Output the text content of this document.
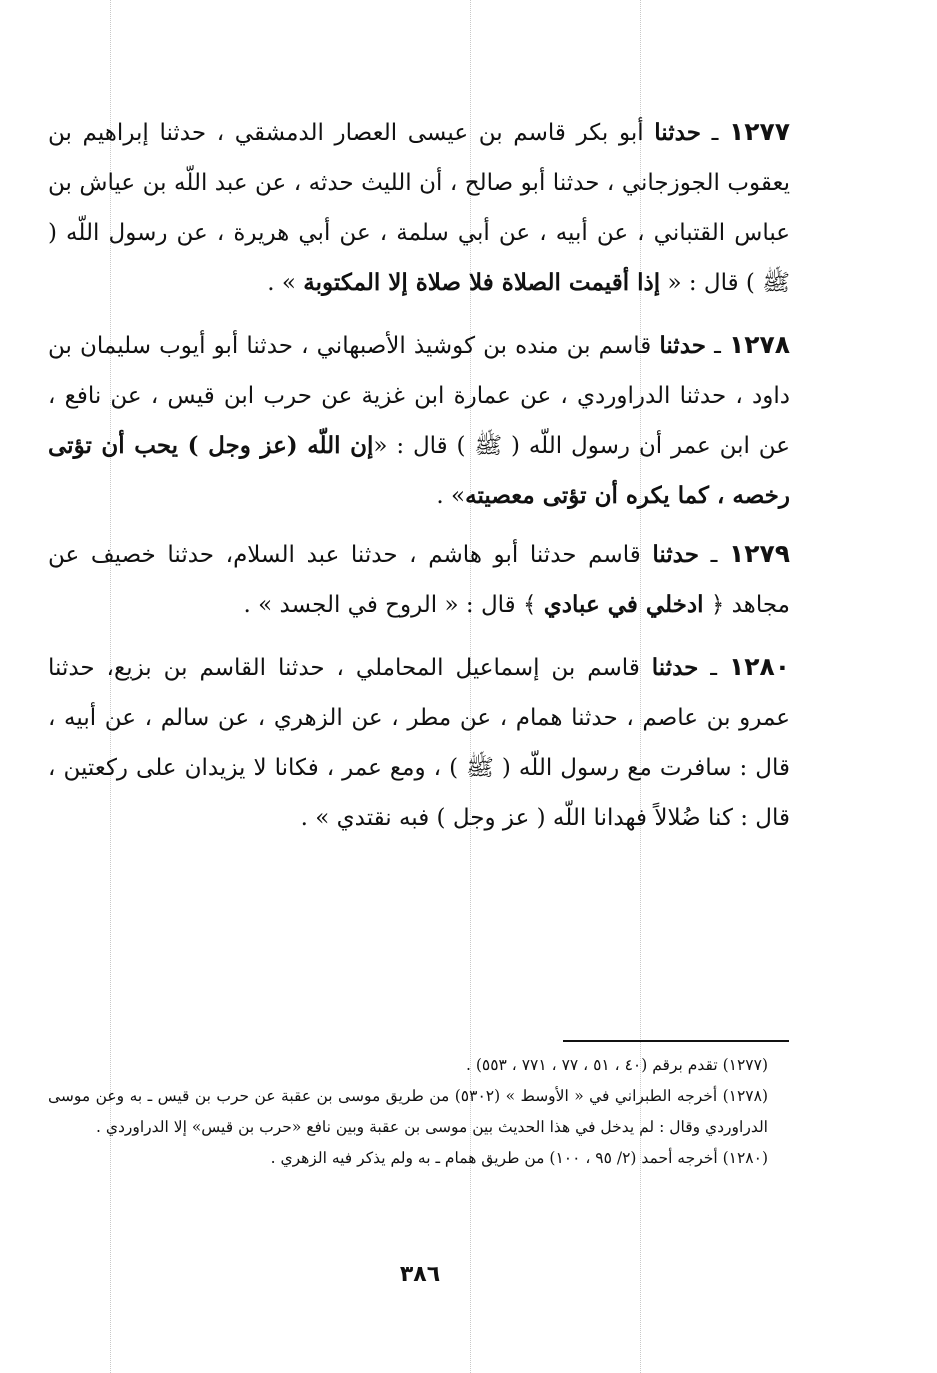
١٢٧٧ ـ حدثنا أبو بكر قاسم بن عيسى العصار الدمشقي ، حدثنا إبراهيم بن يعقوب الجوزجاني ، حدثنا أبو صالح ، أن الليث حدثه ، عن عبد اللّه بن عياش بن عباس القتباني ، عن أبيه ، عن أبي سلمة ، عن أبي هريرة ، عن رسول اللّه ( ﷺ ) قال : « إذا أقيمت الصلاة فلا صلاة إلا المكتوبة » .

١٢٧٨ ـ حدثنا قاسم بن منده بن كوشيذ الأصبهاني ، حدثنا أبو أيوب سليمان بن داود ، حدثنا الدراوردي ، عن عمارة ابن غزية عن حرب ابن قيس ، عن نافع ، عن ابن عمر أن رسول اللّه ( ﷺ ) قال : «إن اللّه (عز وجل ) يحب أن تؤتى رخصه ، كما يكره أن تؤتى معصيته» .

١٢٧٩ ـ حدثنا قاسم حدثنا أبو هاشم ، حدثنا عبد السلام، حدثنا خصيف عن مجاهد ﴿ ادخلي في عبادي ﴾ قال : « الروح في الجسد » .

١٢٨٠ ـ حدثنا قاسم بن إسماعيل المحاملي ، حدثنا القاسم بن بزيع، حدثنا عمرو بن عاصم ، حدثنا همام ، عن مطر ، عن الزهري ، عن سالم ، عن أبيه ، قال : سافرت مع رسول اللّه ( ﷺ ) ، ومع عمر ، فكانا لا يزيدان على ركعتين ، قال : كنا ضُلالاً فهدانا اللّه ( عز وجل ) فبه نقتدي » .

(١٢٧٧) تقدم برقم (٤٠ ، ٥١ ، ٧٧ ، ٧٧١ ، ٥٥٣) .

(١٢٧٨) أخرجه الطبراني في « الأوسط » (٥٣٠٢) من طريق موسى بن عقبة عن حرب بن قيس ـ به وعن موسى الدراوردي وقال : لم يدخل في هذا الحديث بين موسى بن عقبة وبين نافع «حرب بن قيس» إلا الدراوردي .

(١٢٨٠) أخرجه أحمد (٢/ ٩٥ ، ١٠٠) من طريق همام ـ به ولم يذكر فيه الزهري .

٣٨٦
